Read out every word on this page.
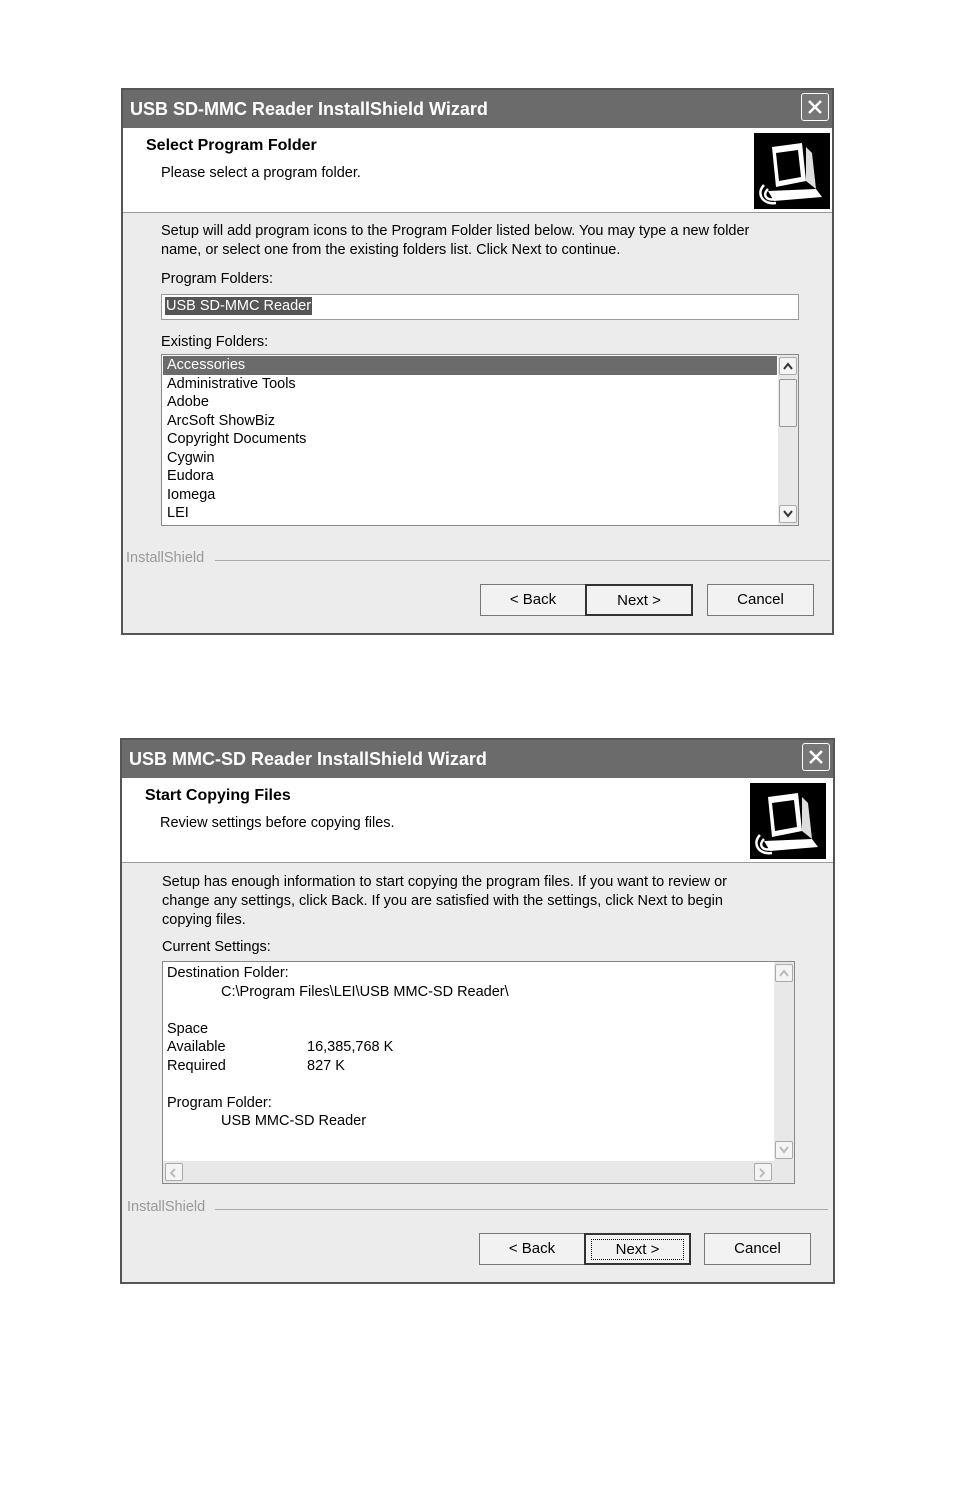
USB SD-MMC Reader InstallShield Wizard
Select Program Folder
Please select a program folder.
Setup will add program icons to the Program Folder listed below. You may type a new folder
name, or select one from the existing folders list. Click Next to continue.
Program Folders:
USB SD-MMC Reader
Existing Folders:
Accessories
Administrative Tools
Adobe
ArcSoft ShowBiz
Copyright Documents
Cygwin
Eudora
Iomega
LEI
InstallShield
< Back	Next >	Cancel
USB MMC-SD Reader InstallShield Wizard
Start Copying Files
Review settings before copying files.
Setup has enough information to start copying the program files. If you want to review or
change any settings, click Back. If you are satisfied with the settings, click Next to begin
copying files.
Current Settings:
Destination Folder:
C:\Program Files\LEI\USB MMC-SD Reader\
Space
Available	16,385,768 K
Required	827 K
Program Folder:
USB MMC-SD Reader
InstallShield
< Back	Next >	Cancel
